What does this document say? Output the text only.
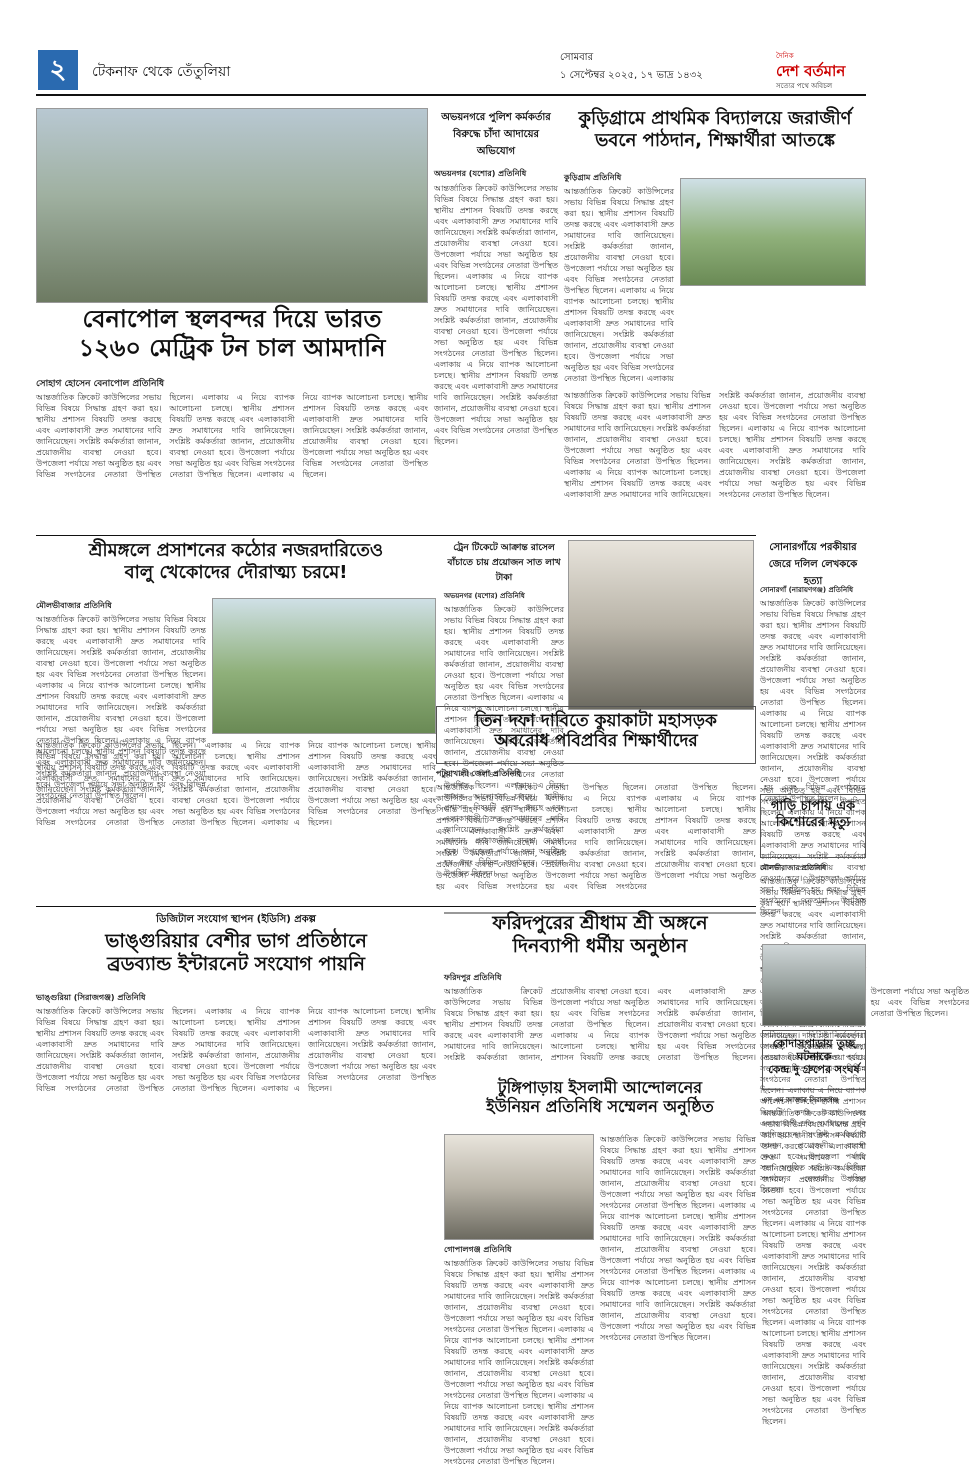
২	টেকনাফ থেকে তেঁতুলিয়া
সোমবার
১ সেপ্টেম্বর ২০২৫, ১৭ ভাদ্র ১৪৩২
দৈনিক
দেশ বর্তমান
সত্যের পথে অবিচল
বেনাপোল স্থলবন্দর দিয়ে ভারত
১২৬০ মেট্রিক টন চাল আমদানি
সোহাগ হোসেন বেনাপোল প্রতিনিধি
আন্তর্জাতিক ক্রিকেট কাউন্সিলের সভায় বিভিন্ন বিষয়ে সিদ্ধান্ত গ্রহণ করা হয়। স্থানীয় প্রশাসন বিষয়টি তদন্ত করছে এবং এলাকাবাসী দ্রুত সমাধানের দাবি জানিয়েছেন। সংশ্লিষ্ট কর্মকর্তারা জানান, প্রয়োজনীয় ব্যবস্থা নেওয়া হবে। উপজেলা পর্যায়ে সভা অনুষ্ঠিত হয় এবং বিভিন্ন সংগঠনের নেতারা উপস্থিত ছিলেন। এলাকায় এ নিয়ে ব্যাপক আলোচনা চলছে। স্থানীয় প্রশাসন বিষয়টি তদন্ত করছে এবং এলাকাবাসী দ্রুত সমাধানের দাবি জানিয়েছেন। সংশ্লিষ্ট কর্মকর্তারা জানান, প্রয়োজনীয় ব্যবস্থা নেওয়া হবে। উপজেলা পর্যায়ে সভা অনুষ্ঠিত হয় এবং বিভিন্ন সংগঠনের নেতারা উপস্থিত ছিলেন। এলাকায় এ নিয়ে ব্যাপক আলোচনা চলছে। স্থানীয় প্রশাসন বিষয়টি তদন্ত করছে এবং এলাকাবাসী দ্রুত সমাধানের দাবি জানিয়েছেন। সংশ্লিষ্ট কর্মকর্তারা জানান, প্রয়োজনীয় ব্যবস্থা নেওয়া হবে। উপজেলা পর্যায়ে সভা অনুষ্ঠিত হয় এবং বিভিন্ন সংগঠনের নেতারা উপস্থিত ছিলেন।
অভয়নগরে পুলিশ কর্মকর্তার বিরুদ্ধে চাঁদা আদায়ের অভিযোগ
অভয়নগর (যশোর) প্রতিনিধি
আন্তর্জাতিক ক্রিকেট কাউন্সিলের সভায় বিভিন্ন বিষয়ে সিদ্ধান্ত গ্রহণ করা হয়। স্থানীয় প্রশাসন বিষয়টি তদন্ত করছে এবং এলাকাবাসী দ্রুত সমাধানের দাবি জানিয়েছেন। সংশ্লিষ্ট কর্মকর্তারা জানান, প্রয়োজনীয় ব্যবস্থা নেওয়া হবে। উপজেলা পর্যায়ে সভা অনুষ্ঠিত হয় এবং বিভিন্ন সংগঠনের নেতারা উপস্থিত ছিলেন। এলাকায় এ নিয়ে ব্যাপক আলোচনা চলছে। স্থানীয় প্রশাসন বিষয়টি তদন্ত করছে এবং এলাকাবাসী দ্রুত সমাধানের দাবি জানিয়েছেন। সংশ্লিষ্ট কর্মকর্তারা জানান, প্রয়োজনীয় ব্যবস্থা নেওয়া হবে। উপজেলা পর্যায়ে সভা অনুষ্ঠিত হয় এবং বিভিন্ন সংগঠনের নেতারা উপস্থিত ছিলেন। এলাকায় এ নিয়ে ব্যাপক আলোচনা চলছে। স্থানীয় প্রশাসন বিষয়টি তদন্ত করছে এবং এলাকাবাসী দ্রুত সমাধানের দাবি জানিয়েছেন। সংশ্লিষ্ট কর্মকর্তারা জানান, প্রয়োজনীয় ব্যবস্থা নেওয়া হবে। উপজেলা পর্যায়ে সভা অনুষ্ঠিত হয় এবং বিভিন্ন সংগঠনের নেতারা উপস্থিত ছিলেন।
কুড়িগ্রামে প্রাথমিক বিদ্যালয়ে জরাজীর্ণ
ভবনে পাঠদান, শিক্ষার্থীরা আতঙ্কে
কুড়িগ্রাম প্রতিনিধি
আন্তর্জাতিক ক্রিকেট কাউন্সিলের সভায় বিভিন্ন বিষয়ে সিদ্ধান্ত গ্রহণ করা হয়। স্থানীয় প্রশাসন বিষয়টি তদন্ত করছে এবং এলাকাবাসী দ্রুত সমাধানের দাবি জানিয়েছেন। সংশ্লিষ্ট কর্মকর্তারা জানান, প্রয়োজনীয় ব্যবস্থা নেওয়া হবে। উপজেলা পর্যায়ে সভা অনুষ্ঠিত হয় এবং বিভিন্ন সংগঠনের নেতারা উপস্থিত ছিলেন। এলাকায় এ নিয়ে ব্যাপক আলোচনা চলছে। স্থানীয় প্রশাসন বিষয়টি তদন্ত করছে এবং এলাকাবাসী দ্রুত সমাধানের দাবি জানিয়েছেন। সংশ্লিষ্ট কর্মকর্তারা জানান, প্রয়োজনীয় ব্যবস্থা নেওয়া হবে। উপজেলা পর্যায়ে সভা অনুষ্ঠিত হয় এবং বিভিন্ন সংগঠনের নেতারা উপস্থিত ছিলেন। এলাকায় এ নিয়ে ব্যাপক আলোচনা চলছে। স্থানীয় প্রশাসন বিষয়টি তদন্ত করছে এবং এলাকাবাসী দ্রুত সমাধানের দাবি জানিয়েছেন। সংশ্লিষ্ট কর্মকর্তারা জানান, প্রয়োজনীয় ব্যবস্থা নেওয়া হবে। উপজেলা পর্যায়ে সভা অনুষ্ঠিত হয় এবং বিভিন্ন সংগঠনের নেতারা উপস্থিত ছিলেন।
আন্তর্জাতিক ক্রিকেট কাউন্সিলের সভায় বিভিন্ন বিষয়ে সিদ্ধান্ত গ্রহণ করা হয়। স্থানীয় প্রশাসন বিষয়টি তদন্ত করছে এবং এলাকাবাসী দ্রুত সমাধানের দাবি জানিয়েছেন। সংশ্লিষ্ট কর্মকর্তারা জানান, প্রয়োজনীয় ব্যবস্থা নেওয়া হবে। উপজেলা পর্যায়ে সভা অনুষ্ঠিত হয় এবং বিভিন্ন সংগঠনের নেতারা উপস্থিত ছিলেন। এলাকায় এ নিয়ে ব্যাপক আলোচনা চলছে। স্থানীয় প্রশাসন বিষয়টি তদন্ত করছে এবং এলাকাবাসী দ্রুত সমাধানের দাবি জানিয়েছেন। সংশ্লিষ্ট কর্মকর্তারা জানান, প্রয়োজনীয় ব্যবস্থা নেওয়া হবে। উপজেলা পর্যায়ে সভা অনুষ্ঠিত হয় এবং বিভিন্ন সংগঠনের নেতারা উপস্থিত ছিলেন। এলাকায় এ নিয়ে ব্যাপক আলোচনা চলছে। স্থানীয় প্রশাসন বিষয়টি তদন্ত করছে এবং এলাকাবাসী দ্রুত সমাধানের দাবি জানিয়েছেন। সংশ্লিষ্ট কর্মকর্তারা জানান, প্রয়োজনীয় ব্যবস্থা নেওয়া হবে। উপজেলা পর্যায়ে সভা অনুষ্ঠিত হয় এবং বিভিন্ন সংগঠনের নেতারা উপস্থিত ছিলেন।
সোনারগাঁয়ে পরকীয়ার জেরে দলিল লেখককে হত্যা
সোনারগাঁ (নারায়ণগঞ্জ) প্রতিনিধি
আন্তর্জাতিক ক্রিকেট কাউন্সিলের সভায় বিভিন্ন বিষয়ে সিদ্ধান্ত গ্রহণ করা হয়। স্থানীয় প্রশাসন বিষয়টি তদন্ত করছে এবং এলাকাবাসী দ্রুত সমাধানের দাবি জানিয়েছেন। সংশ্লিষ্ট কর্মকর্তারা জানান, প্রয়োজনীয় ব্যবস্থা নেওয়া হবে। উপজেলা পর্যায়ে সভা অনুষ্ঠিত হয় এবং বিভিন্ন সংগঠনের নেতারা উপস্থিত ছিলেন। এলাকায় এ নিয়ে ব্যাপক আলোচনা চলছে। স্থানীয় প্রশাসন বিষয়টি তদন্ত করছে এবং এলাকাবাসী দ্রুত সমাধানের দাবি জানিয়েছেন। সংশ্লিষ্ট কর্মকর্তারা জানান, প্রয়োজনীয় ব্যবস্থা নেওয়া হবে। উপজেলা পর্যায়ে সভা অনুষ্ঠিত হয় এবং বিভিন্ন সংগঠনের নেতারা উপস্থিত ছিলেন। এলাকায় এ নিয়ে ব্যাপক আলোচনা চলছে। স্থানীয় প্রশাসন বিষয়টি তদন্ত করছে এবং এলাকাবাসী দ্রুত সমাধানের দাবি জানিয়েছেন। সংশ্লিষ্ট কর্মকর্তারা জানান, প্রয়োজনীয় ব্যবস্থা নেওয়া হবে। উপজেলা পর্যায়ে সভা অনুষ্ঠিত হয় এবং বিভিন্ন সংগঠনের নেতারা উপস্থিত ছিলেন।
শ্রীমঙ্গলে প্রসাশনের কঠোর নজরদারিতেও
বালু খেকোদের দৌরাত্ম্য চরমে!
মৌলভীবাজার প্রতিনিধি
আন্তর্জাতিক ক্রিকেট কাউন্সিলের সভায় বিভিন্ন বিষয়ে সিদ্ধান্ত গ্রহণ করা হয়। স্থানীয় প্রশাসন বিষয়টি তদন্ত করছে এবং এলাকাবাসী দ্রুত সমাধানের দাবি জানিয়েছেন। সংশ্লিষ্ট কর্মকর্তারা জানান, প্রয়োজনীয় ব্যবস্থা নেওয়া হবে। উপজেলা পর্যায়ে সভা অনুষ্ঠিত হয় এবং বিভিন্ন সংগঠনের নেতারা উপস্থিত ছিলেন। এলাকায় এ নিয়ে ব্যাপক আলোচনা চলছে। স্থানীয় প্রশাসন বিষয়টি তদন্ত করছে এবং এলাকাবাসী দ্রুত সমাধানের দাবি জানিয়েছেন। সংশ্লিষ্ট কর্মকর্তারা জানান, প্রয়োজনীয় ব্যবস্থা নেওয়া হবে। উপজেলা পর্যায়ে সভা অনুষ্ঠিত হয় এবং বিভিন্ন সংগঠনের নেতারা উপস্থিত ছিলেন। এলাকায় এ নিয়ে ব্যাপক আলোচনা চলছে। স্থানীয় প্রশাসন বিষয়টি তদন্ত করছে এবং এলাকাবাসী দ্রুত সমাধানের দাবি জানিয়েছেন। সংশ্লিষ্ট কর্মকর্তারা জানান, প্রয়োজনীয় ব্যবস্থা নেওয়া হবে। উপজেলা পর্যায়ে সভা অনুষ্ঠিত হয় এবং বিভিন্ন সংগঠনের নেতারা উপস্থিত ছিলেন।
আন্তর্জাতিক ক্রিকেট কাউন্সিলের সভায় বিভিন্ন বিষয়ে সিদ্ধান্ত গ্রহণ করা হয়। স্থানীয় প্রশাসন বিষয়টি তদন্ত করছে এবং এলাকাবাসী দ্রুত সমাধানের দাবি জানিয়েছেন। সংশ্লিষ্ট কর্মকর্তারা জানান, প্রয়োজনীয় ব্যবস্থা নেওয়া হবে। উপজেলা পর্যায়ে সভা অনুষ্ঠিত হয় এবং বিভিন্ন সংগঠনের নেতারা উপস্থিত ছিলেন। এলাকায় এ নিয়ে ব্যাপক আলোচনা চলছে। স্থানীয় প্রশাসন বিষয়টি তদন্ত করছে এবং এলাকাবাসী দ্রুত সমাধানের দাবি জানিয়েছেন। সংশ্লিষ্ট কর্মকর্তারা জানান, প্রয়োজনীয় ব্যবস্থা নেওয়া হবে। উপজেলা পর্যায়ে সভা অনুষ্ঠিত হয় এবং বিভিন্ন সংগঠনের নেতারা উপস্থিত ছিলেন। এলাকায় এ নিয়ে ব্যাপক আলোচনা চলছে। স্থানীয় প্রশাসন বিষয়টি তদন্ত করছে এবং এলাকাবাসী দ্রুত সমাধানের দাবি জানিয়েছেন। সংশ্লিষ্ট কর্মকর্তারা জানান, প্রয়োজনীয় ব্যবস্থা নেওয়া হবে। উপজেলা পর্যায়ে সভা অনুষ্ঠিত হয় এবং বিভিন্ন সংগঠনের নেতারা উপস্থিত ছিলেন।
ট্রেন টিকেটে আক্রান্ত রাসেল বাঁচাতে চায় প্রয়োজন সাত লাখ টাকা
অভয়নগর (যশোর) প্রতিনিধি
আন্তর্জাতিক ক্রিকেট কাউন্সিলের সভায় বিভিন্ন বিষয়ে সিদ্ধান্ত গ্রহণ করা হয়। স্থানীয় প্রশাসন বিষয়টি তদন্ত করছে এবং এলাকাবাসী দ্রুত সমাধানের দাবি জানিয়েছেন। সংশ্লিষ্ট কর্মকর্তারা জানান, প্রয়োজনীয় ব্যবস্থা নেওয়া হবে। উপজেলা পর্যায়ে সভা অনুষ্ঠিত হয় এবং বিভিন্ন সংগঠনের নেতারা উপস্থিত ছিলেন। এলাকায় এ নিয়ে ব্যাপক আলোচনা চলছে। স্থানীয় প্রশাসন বিষয়টি তদন্ত করছে এবং এলাকাবাসী দ্রুত সমাধানের দাবি জানিয়েছেন। সংশ্লিষ্ট কর্মকর্তারা জানান, প্রয়োজনীয় ব্যবস্থা নেওয়া হবে। উপজেলা পর্যায়ে সভা অনুষ্ঠিত হয় এবং বিভিন্ন সংগঠনের নেতারা উপস্থিত ছিলেন। এলাকায় এ নিয়ে ব্যাপক আলোচনা চলছে। স্থানীয় প্রশাসন বিষয়টি তদন্ত করছে এবং এলাকাবাসী দ্রুত সমাধানের দাবি জানিয়েছেন। সংশ্লিষ্ট কর্মকর্তারা জানান, প্রয়োজনীয় ব্যবস্থা নেওয়া হবে। উপজেলা পর্যায়ে সভা অনুষ্ঠিত হয় এবং বিভিন্ন সংগঠনের নেতারা উপস্থিত ছিলেন।
তিন দফা দাবিতে কুয়াকাটা মহাসড়ক
অবরোধ পবিপ্রবির শিক্ষার্থীদের
পটুয়াখালী জেলা প্রতিনিধি
আন্তর্জাতিক ক্রিকেট কাউন্সিলের সভায় বিভিন্ন বিষয়ে সিদ্ধান্ত গ্রহণ করা হয়। স্থানীয় প্রশাসন বিষয়টি তদন্ত করছে এবং এলাকাবাসী দ্রুত সমাধানের দাবি জানিয়েছেন। সংশ্লিষ্ট কর্মকর্তারা জানান, প্রয়োজনীয় ব্যবস্থা নেওয়া হবে। উপজেলা পর্যায়ে সভা অনুষ্ঠিত হয় এবং বিভিন্ন সংগঠনের নেতারা উপস্থিত ছিলেন। এলাকায় এ নিয়ে ব্যাপক আলোচনা চলছে। স্থানীয় প্রশাসন বিষয়টি তদন্ত করছে এবং এলাকাবাসী দ্রুত সমাধানের দাবি জানিয়েছেন। সংশ্লিষ্ট কর্মকর্তারা জানান, প্রয়োজনীয় ব্যবস্থা নেওয়া হবে। উপজেলা পর্যায়ে সভা অনুষ্ঠিত হয় এবং বিভিন্ন সংগঠনের নেতারা উপস্থিত ছিলেন। এলাকায় এ নিয়ে ব্যাপক আলোচনা চলছে। স্থানীয় প্রশাসন বিষয়টি তদন্ত করছে এবং এলাকাবাসী দ্রুত সমাধানের দাবি জানিয়েছেন। সংশ্লিষ্ট কর্মকর্তারা জানান, প্রয়োজনীয় ব্যবস্থা নেওয়া হবে। উপজেলা পর্যায়ে সভা অনুষ্ঠিত হয় এবং বিভিন্ন সংগঠনের নেতারা উপস্থিত ছিলেন।
গাড়ি চাপায় এক কিশোরের মৃত্যু
মৌলভীবাজার প্রতিনিধি
আন্তর্জাতিক ক্রিকেট কাউন্সিলের সভায় বিভিন্ন বিষয়ে সিদ্ধান্ত গ্রহণ করা হয়। স্থানীয় প্রশাসন বিষয়টি তদন্ত করছে এবং এলাকাবাসী দ্রুত সমাধানের দাবি জানিয়েছেন। সংশ্লিষ্ট কর্মকর্তারা জানান, প্রয়োজনীয় ব্যবস্থা নেওয়া হবে। উপজেলা পর্যায়ে সভা অনুষ্ঠিত হয় এবং বিভিন্ন সংগঠনের নেতারা উপস্থিত ছিলেন। এলাকায় এ নিয়ে ব্যাপক আলোচনা চলছে। স্থানীয় প্রশাসন বিষয়টি তদন্ত করছে এবং এলাকাবাসী দ্রুত সমাধানের দাবি জানিয়েছেন। সংশ্লিষ্ট কর্মকর্তারা জানান, প্রয়োজনীয় ব্যবস্থা নেওয়া হবে। উপজেলা পর্যায়ে সভা অনুষ্ঠিত হয় এবং বিভিন্ন সংগঠনের নেতারা উপস্থিত ছিলেন। এলাকায় এ নিয়ে ব্যাপক আলোচনা চলছে। স্থানীয় প্রশাসন বিষয়টি তদন্ত করছে এবং এলাকাবাসী দ্রুত সমাধানের দাবি জানিয়েছেন। সংশ্লিষ্ট কর্মকর্তারা জানান, প্রয়োজনীয় ব্যবস্থা নেওয়া হবে। উপজেলা পর্যায়ে সভা অনুষ্ঠিত হয় এবং বিভিন্ন সংগঠনের নেতারা উপস্থিত ছিলেন।
ডিজিটাল সংযোগ স্থাপন (ইডিসি) প্রকল্প
ভাঙ্গুরিয়ার বেশীর ভাগ প্রতিষ্ঠানে
ব্রডব্যান্ড ইন্টারনেট সংযোগ পায়নি
ভাঙ্গুরিয়া (সিরাজগঞ্জ) প্রতিনিধি
আন্তর্জাতিক ক্রিকেট কাউন্সিলের সভায় বিভিন্ন বিষয়ে সিদ্ধান্ত গ্রহণ করা হয়। স্থানীয় প্রশাসন বিষয়টি তদন্ত করছে এবং এলাকাবাসী দ্রুত সমাধানের দাবি জানিয়েছেন। সংশ্লিষ্ট কর্মকর্তারা জানান, প্রয়োজনীয় ব্যবস্থা নেওয়া হবে। উপজেলা পর্যায়ে সভা অনুষ্ঠিত হয় এবং বিভিন্ন সংগঠনের নেতারা উপস্থিত ছিলেন। এলাকায় এ নিয়ে ব্যাপক আলোচনা চলছে। স্থানীয় প্রশাসন বিষয়টি তদন্ত করছে এবং এলাকাবাসী দ্রুত সমাধানের দাবি জানিয়েছেন। সংশ্লিষ্ট কর্মকর্তারা জানান, প্রয়োজনীয় ব্যবস্থা নেওয়া হবে। উপজেলা পর্যায়ে সভা অনুষ্ঠিত হয় এবং বিভিন্ন সংগঠনের নেতারা উপস্থিত ছিলেন। এলাকায় এ নিয়ে ব্যাপক আলোচনা চলছে। স্থানীয় প্রশাসন বিষয়টি তদন্ত করছে এবং এলাকাবাসী দ্রুত সমাধানের দাবি জানিয়েছেন। সংশ্লিষ্ট কর্মকর্তারা জানান, প্রয়োজনীয় ব্যবস্থা নেওয়া হবে। উপজেলা পর্যায়ে সভা অনুষ্ঠিত হয় এবং বিভিন্ন সংগঠনের নেতারা উপস্থিত ছিলেন।
ফরিদপুরের শ্রীধাম শ্রী অঙ্গনে
দিনব্যাপী ধর্মীয় অনুষ্ঠান
ফরিদপুর প্রতিনিধি
আন্তর্জাতিক ক্রিকেট কাউন্সিলের সভায় বিভিন্ন বিষয়ে সিদ্ধান্ত গ্রহণ করা হয়। স্থানীয় প্রশাসন বিষয়টি তদন্ত করছে এবং এলাকাবাসী দ্রুত সমাধানের দাবি জানিয়েছেন। সংশ্লিষ্ট কর্মকর্তারা জানান, প্রয়োজনীয় ব্যবস্থা নেওয়া হবে। উপজেলা পর্যায়ে সভা অনুষ্ঠিত হয় এবং বিভিন্ন সংগঠনের নেতারা উপস্থিত ছিলেন। এলাকায় এ নিয়ে ব্যাপক আলোচনা চলছে। স্থানীয় প্রশাসন বিষয়টি তদন্ত করছে এবং এলাকাবাসী দ্রুত সমাধানের দাবি জানিয়েছেন। সংশ্লিষ্ট কর্মকর্তারা জানান, প্রয়োজনীয় ব্যবস্থা নেওয়া হবে। উপজেলা পর্যায়ে সভা অনুষ্ঠিত হয় এবং বিভিন্ন সংগঠনের নেতারা উপস্থিত ছিলেন। এলাকায় এ নিয়ে ব্যাপক আলোচনা চলছে। স্থানীয় প্রশাসন বিষয়টি তদন্ত করছে এবং এলাকাবাসী দ্রুত সমাধানের দাবি জানিয়েছেন। সংশ্লিষ্ট কর্মকর্তারা জানান, প্রয়োজনীয় ব্যবস্থা নেওয়া হবে। উপজেলা পর্যায়ে সভা অনুষ্ঠিত হয় এবং বিভিন্ন সংগঠনের নেতারা উপস্থিত ছিলেন।
টুঙ্গিপাড়ায় ইসলামী আন্দোলনের
ইউনিয়ন প্রতিনিধি সম্মেলন অনুষ্ঠিত
গোপালগঞ্জ প্রতিনিধি
আন্তর্জাতিক ক্রিকেট কাউন্সিলের সভায় বিভিন্ন বিষয়ে সিদ্ধান্ত গ্রহণ করা হয়। স্থানীয় প্রশাসন বিষয়টি তদন্ত করছে এবং এলাকাবাসী দ্রুত সমাধানের দাবি জানিয়েছেন। সংশ্লিষ্ট কর্মকর্তারা জানান, প্রয়োজনীয় ব্যবস্থা নেওয়া হবে। উপজেলা পর্যায়ে সভা অনুষ্ঠিত হয় এবং বিভিন্ন সংগঠনের নেতারা উপস্থিত ছিলেন। এলাকায় এ নিয়ে ব্যাপক আলোচনা চলছে। স্থানীয় প্রশাসন বিষয়টি তদন্ত করছে এবং এলাকাবাসী দ্রুত সমাধানের দাবি জানিয়েছেন। সংশ্লিষ্ট কর্মকর্তারা জানান, প্রয়োজনীয় ব্যবস্থা নেওয়া হবে। উপজেলা পর্যায়ে সভা অনুষ্ঠিত হয় এবং বিভিন্ন সংগঠনের নেতারা উপস্থিত ছিলেন। এলাকায় এ নিয়ে ব্যাপক আলোচনা চলছে। স্থানীয় প্রশাসন বিষয়টি তদন্ত করছে এবং এলাকাবাসী দ্রুত সমাধানের দাবি জানিয়েছেন। সংশ্লিষ্ট কর্মকর্তারা জানান, প্রয়োজনীয় ব্যবস্থা নেওয়া হবে। উপজেলা পর্যায়ে সভা অনুষ্ঠিত হয় এবং বিভিন্ন সংগঠনের নেতারা উপস্থিত ছিলেন।
আন্তর্জাতিক ক্রিকেট কাউন্সিলের সভায় বিভিন্ন বিষয়ে সিদ্ধান্ত গ্রহণ করা হয়। স্থানীয় প্রশাসন বিষয়টি তদন্ত করছে এবং এলাকাবাসী দ্রুত সমাধানের দাবি জানিয়েছেন। সংশ্লিষ্ট কর্মকর্তারা জানান, প্রয়োজনীয় ব্যবস্থা নেওয়া হবে। উপজেলা পর্যায়ে সভা অনুষ্ঠিত হয় এবং বিভিন্ন সংগঠনের নেতারা উপস্থিত ছিলেন। এলাকায় এ নিয়ে ব্যাপক আলোচনা চলছে। স্থানীয় প্রশাসন বিষয়টি তদন্ত করছে এবং এলাকাবাসী দ্রুত সমাধানের দাবি জানিয়েছেন। সংশ্লিষ্ট কর্মকর্তারা জানান, প্রয়োজনীয় ব্যবস্থা নেওয়া হবে। উপজেলা পর্যায়ে সভা অনুষ্ঠিত হয় এবং বিভিন্ন সংগঠনের নেতারা উপস্থিত ছিলেন। এলাকায় এ নিয়ে ব্যাপক আলোচনা চলছে। স্থানীয় প্রশাসন বিষয়টি তদন্ত করছে এবং এলাকাবাসী দ্রুত সমাধানের দাবি জানিয়েছেন। সংশ্লিষ্ট কর্মকর্তারা জানান, প্রয়োজনীয় ব্যবস্থা নেওয়া হবে। উপজেলা পর্যায়ে সভা অনুষ্ঠিত হয় এবং বিভিন্ন সংগঠনের নেতারা উপস্থিত ছিলেন।
কোদাসপাড়ায় তুচ্ছ ঘটনাকে
কেন্দ্র দু গ্রুপের সংঘর্ষ
এস এম আক্তার সিরাজগঞ্জ
আন্তর্জাতিক ক্রিকেট কাউন্সিলের সভায় বিভিন্ন বিষয়ে সিদ্ধান্ত গ্রহণ করা হয়। স্থানীয় প্রশাসন বিষয়টি তদন্ত করছে এবং এলাকাবাসী দ্রুত সমাধানের দাবি জানিয়েছেন। সংশ্লিষ্ট কর্মকর্তারা জানান, প্রয়োজনীয় ব্যবস্থা নেওয়া হবে। উপজেলা পর্যায়ে সভা অনুষ্ঠিত হয় এবং বিভিন্ন সংগঠনের নেতারা উপস্থিত ছিলেন। এলাকায় এ নিয়ে ব্যাপক আলোচনা চলছে। স্থানীয় প্রশাসন বিষয়টি তদন্ত করছে এবং এলাকাবাসী দ্রুত সমাধানের দাবি জানিয়েছেন। সংশ্লিষ্ট কর্মকর্তারা জানান, প্রয়োজনীয় ব্যবস্থা নেওয়া হবে। উপজেলা পর্যায়ে সভা অনুষ্ঠিত হয় এবং বিভিন্ন সংগঠনের নেতারা উপস্থিত ছিলেন। এলাকায় এ নিয়ে ব্যাপক আলোচনা চলছে। স্থানীয় প্রশাসন বিষয়টি তদন্ত করছে এবং এলাকাবাসী দ্রুত সমাধানের দাবি জানিয়েছেন। সংশ্লিষ্ট কর্মকর্তারা জানান, প্রয়োজনীয় ব্যবস্থা নেওয়া হবে। উপজেলা পর্যায়ে সভা অনুষ্ঠিত হয় এবং বিভিন্ন সংগঠনের নেতারা উপস্থিত ছিলেন।
